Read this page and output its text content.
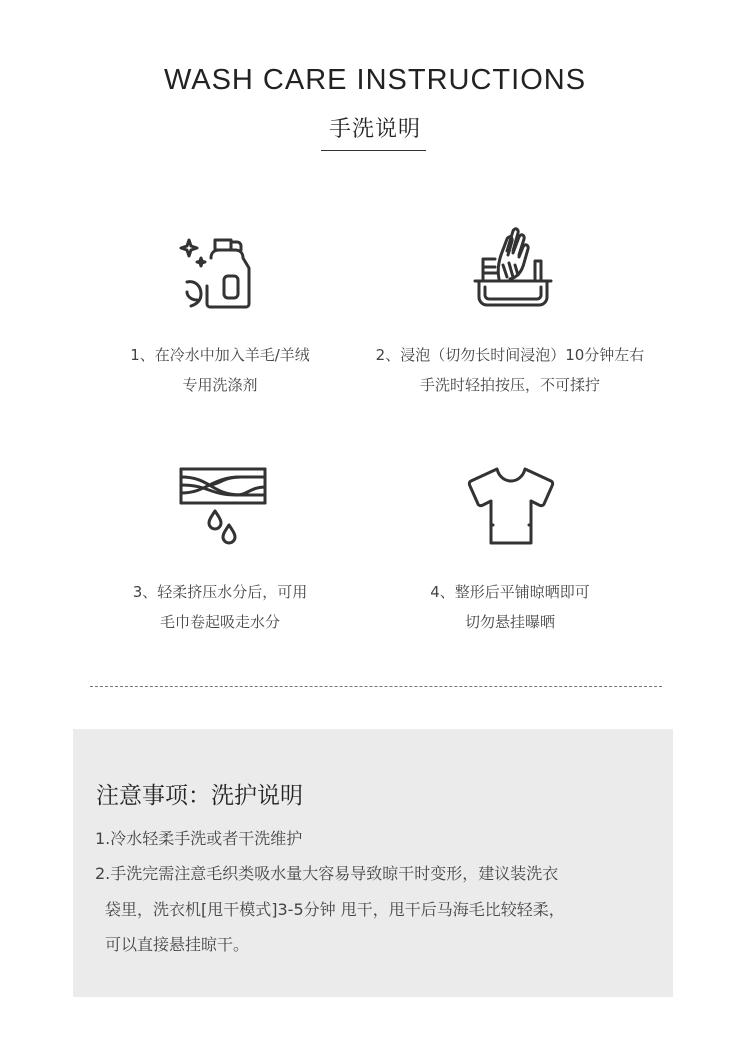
WASH CARE INSTRUCTIONS
手洗说明
1、在冷水中加入羊毛/羊绒
专用洗涤剂
2、浸泡（切勿长时间浸泡）10分钟左右
手洗时轻拍按压，不可揉拧
3、轻柔挤压水分后，可用
毛巾卷起吸走水分
4、整形后平铺晾晒即可
切勿悬挂曝晒
注意事项：洗护说明
1.冷水轻柔手洗或者干洗维护
2.手洗完需注意毛织类吸水量大容易导致晾干时变形，建议装洗衣
袋里，洗衣机[甩干模式]3-5分钟 甩干，甩干后马海毛比较轻柔，
可以直接悬挂晾干。
